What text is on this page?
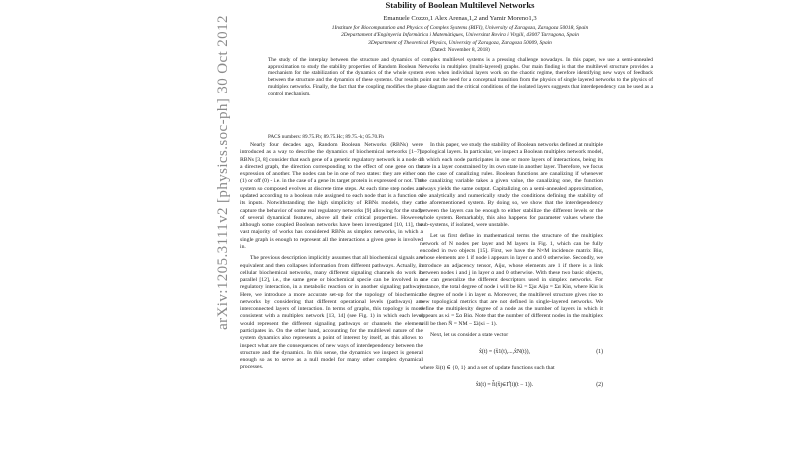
arXiv:1205.3111v2 [physics.soc-ph] 30 Oct 2012
Stability of Boolean Multilevel Networks
Emanuele Cozzo,1 Alex Arenas,1,2 and Yamir Moreno1,3
1Institute for Biocomputation and Physics of Complex Systems (BIFI), University of Zaragoza, Zaragoza 50018, Spain
2Departament d'Enginyeria Informàtica i Matemàtiques, Universitat Rovira i Virgili, 43007 Tarragona, Spain
3Department of Theoretical Physics, University of Zaragoza, Zaragoza 50009, Spain
(Dated: November 8, 2018)
The study of the interplay between the structure and dynamics of complex multilevel systems is a pressing challenge nowadays. In this paper, we use a semi-annealed approximation to study the stability properties of Random Boolean Networks in multiplex (multi-layered) graphs. Our main finding is that the multilevel structure provides a mechanism for the stabilization of the dynamics of the whole system even when individual layers work on the chaotic regime, therefore identifying new ways of feedback between the structure and the dynamics of these systems. Our results point out the need for a conceptual transition from the physics of single layered networks to the physics of multiplex networks. Finally, the fact that the coupling modifies the phase diagram and the critical conditions of the isolated layers suggests that interdependency can be used as a control mechanism.
PACS numbers: 89.75.Fb; 89.75.Hc; 89.75.-k; 05.70.Fh

Nearly four decades ago, Random Boolean Networks (RBNs) were introduced as a way to describe the dynamics of biochemical networks [1–7]. RBNs [3, 8] consider that each gene of a genetic regulatory network is a node of a directed graph, the direction corresponding to the effect of one gene on the expression of another. The nodes can be in one of two states: they are either on (1) or off (0) - i.e. in the case of a gene its target protein is expressed or not. The system so composed evolves at discrete time steps. At each time step nodes are updated according to a boolean rule assigned to each node that is a function of its inputs. Notwithstanding the high simplicity of RBNs models, they can capture the behavior of some real regulatory networks [9] allowing for the study of several dynamical features, above all their critical properties. However, although some coupled Boolean networks have been investigated [10, 11], the vast majority of works has considered RBNs as simplex networks, in which a single graph is enough to represent all the interactions a given gene is involved in.

The previous description implicitly assumes that all biochemical signals are equivalent and then collapses information from different pathways. Actually, in cellular biochemical networks, many different signaling channels do work in parallel [12], i.e., the same gene or biochemical specie can be involved in a regulatory interaction, in a metabolic reaction or in another signaling pathway. Here, we introduce a more accurate set-up for the topology of biochemical networks by considering that different operational levels (pathways) are interconnected layers of interaction. In terms of graphs, this topology is more consistent with a multiplex network [13, 14] (see Fig. 1) in which each level would represent the different signaling pathways or channels the element participates in. On the other hand, accounting for the multilevel nature of the system dynamics also represents a point of interest by itself, as this allows to inspect what are the consequences of new ways of interdependency between the structure and the dynamics. In this sense, the dynamics we inspect is general enough so as to serve as a null model for many other complex dynamical processes.

In this paper, we study the stability of Boolean networks defined at multiple topological layers. In particular, we inspect a Boolean multiplex network model, in which each node participates in one or more layers of interactions, being its state in a layer constrained by its own state in another layer. Therefore, we focus on the case of canalizing rules. Boolean functions are canalizing if whenever the canalizing variable takes a given value, the canalizing one, the function always yields the same output. Capitalizing on a semi-annealed approximation, we analytically and numerically study the conditions defining the stability of the aforementioned system. By doing so, we show that the interdependency between the layers can be enough to either stabilize the different levels or the whole system. Remarkably, this also happens for parameter values where the sub-systems, if isolated, were unstable.

Let us first define in mathematical terms the structure of the multiplex network of N nodes per layer and M layers in Fig. 1, which can be fully encoded in two objects [15]. First, we have the N×M incidence matrix Biα, whose elements are 1 if node i appears in layer α and 0 otherwise. Secondly, we introduce an adjacency tensor, Aijα, whose elements are 1 if there is a link between nodes i and j in layer α and 0 otherwise. With these two basic objects, one can generalize the different descriptors used in simplex networks. For instance, the total degree of node i will be Ki = Σjα Aijα = Σα Kiα, where Kiα is the degree of node i in layer α. Moreover, the multilevel structure gives rise to new topological metrics that are not defined in single-layered networks. We define the multiplexity degree of a node as the number of layers in which it appears as κi = Σα Biα. Note that the number of different nodes in the multiplex will be then Ñ = NM − Σi(κi − 1).

Next, let us consider a state vector

x̂(t) = (x̂1(t),...,x̂N(t)),	(1)

where x̂i(t) ∈ {0, 1} and a set of update functions such that

x̂i(t) = f̂i(x̂j∈Γ̂(i)(t − 1)).	(2)
